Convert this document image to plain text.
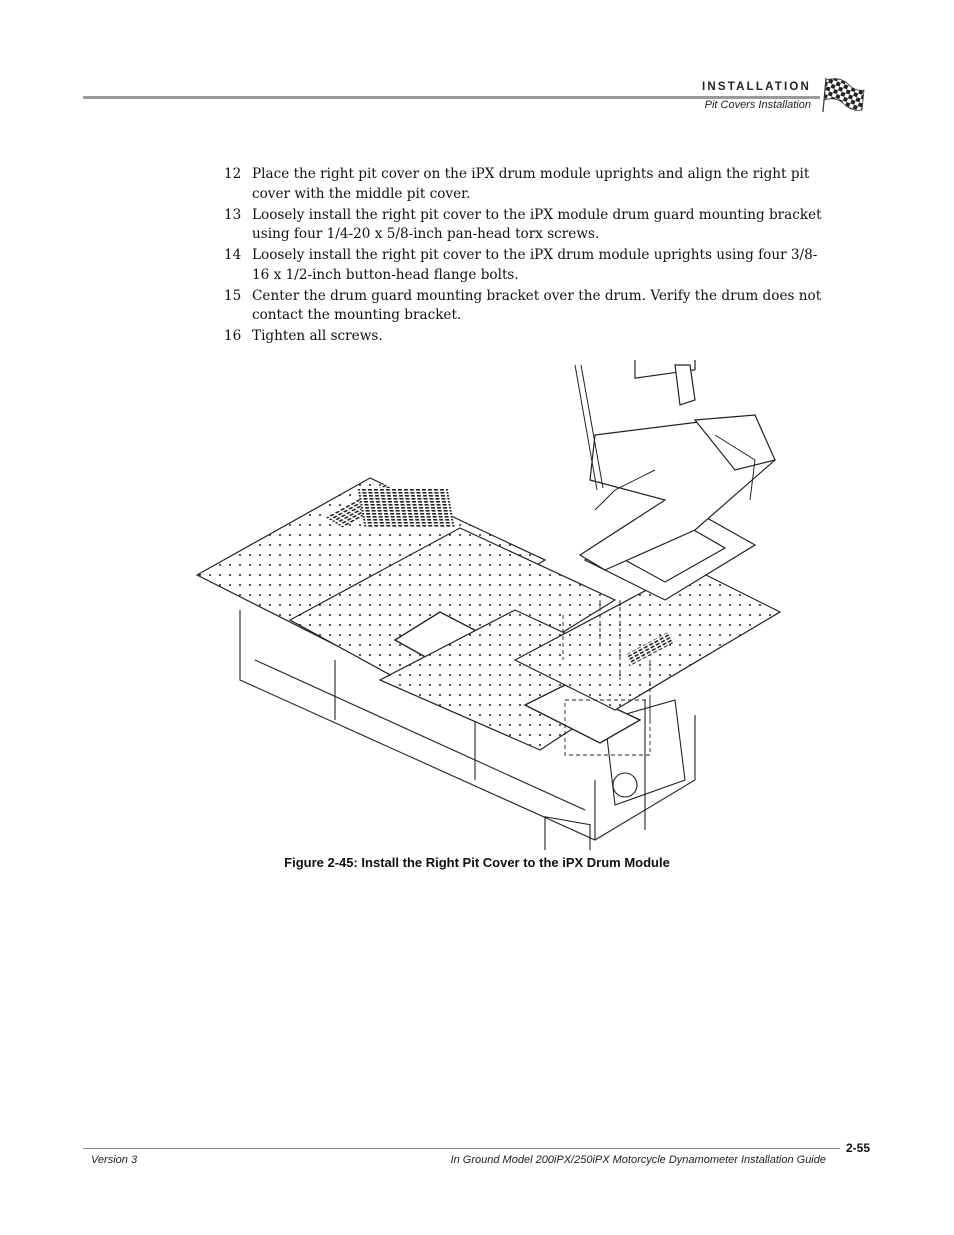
INSTALLATION
Pit Covers Installation
12 Place the right pit cover on the iPX drum module uprights and align the right pit cover with the middle pit cover.
13 Loosely install the right pit cover to the iPX module drum guard mounting bracket using four 1/4-20 x 5/8-inch pan-head torx screws.
14 Loosely install the right pit cover to the iPX drum module uprights using four 3/8-16 x 1/2-inch button-head flange bolts.
15 Center the drum guard mounting bracket over the drum. Verify the drum does not contact the mounting bracket.
16 Tighten all screws.
Figure 2-45: Install the Right Pit Cover to the iPX Drum Module
2-55
Version 3	In Ground Model 200iPX/250iPX Motorcycle Dynamometer Installation Guide
